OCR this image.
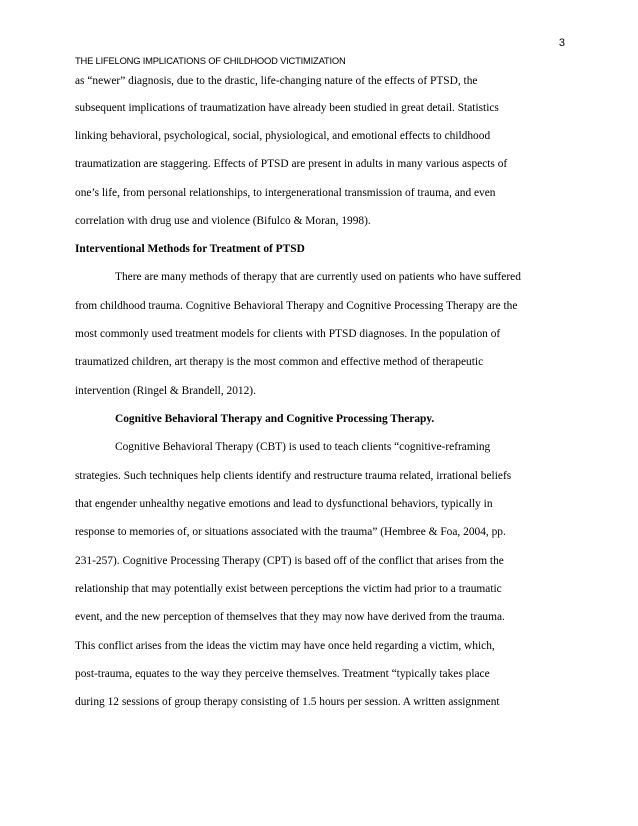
3
THE LIFELONG IMPLICATIONS OF CHILDHOOD VICTIMIZATION
as “newer” diagnosis, due to the drastic, life-changing nature of the effects of PTSD, the
subsequent implications of traumatization have already been studied in great detail. Statistics
linking behavioral, psychological, social, physiological, and emotional effects to childhood
traumatization are staggering. Effects of PTSD are present in adults in many various aspects of
one’s life, from personal relationships, to intergenerational transmission of trauma, and even
correlation with drug use and violence (Bifulco & Moran, 1998).
Interventional Methods for Treatment of PTSD
There are many methods of therapy that are currently used on patients who have suffered
from childhood trauma. Cognitive Behavioral Therapy and Cognitive Processing Therapy are the
most commonly used treatment models for clients with PTSD diagnoses. In the population of
traumatized children, art therapy is the most common and effective method of therapeutic
intervention (Ringel & Brandell, 2012).
Cognitive Behavioral Therapy and Cognitive Processing Therapy.
Cognitive Behavioral Therapy (CBT) is used to teach clients “cognitive-reframing
strategies. Such techniques help clients identify and restructure trauma related, irrational beliefs
that engender unhealthy negative emotions and lead to dysfunctional behaviors, typically in
response to memories of, or situations associated with the trauma” (Hembree & Foa, 2004, pp.
231-257). Cognitive Processing Therapy (CPT) is based off of the conflict that arises from the
relationship that may potentially exist between perceptions the victim had prior to a traumatic
event, and the new perception of themselves that they may now have derived from the trauma.
This conflict arises from the ideas the victim may have once held regarding a victim, which,
post-trauma, equates to the way they perceive themselves. Treatment “typically takes place
during 12 sessions of group therapy consisting of 1.5 hours per session. A written assignment
